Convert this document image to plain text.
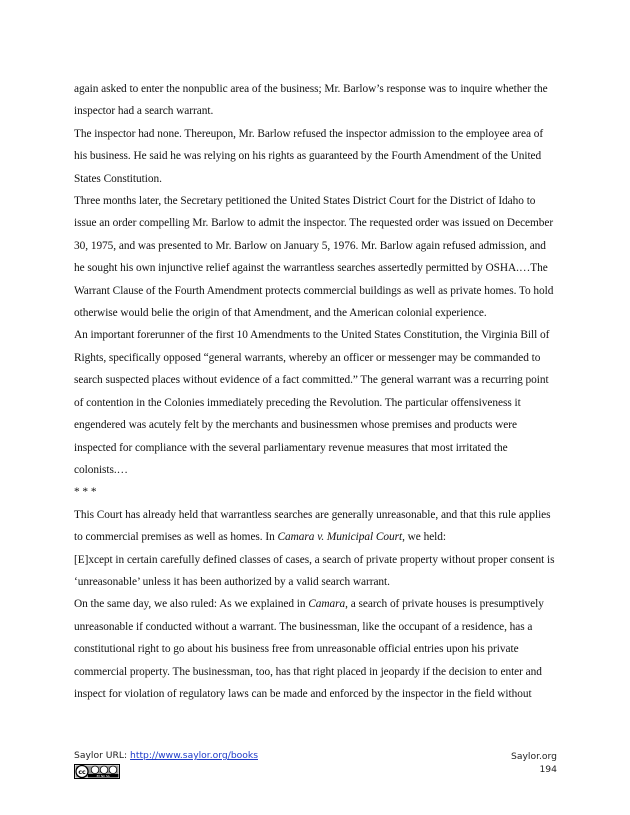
again asked to enter the nonpublic area of the business; Mr. Barlow’s response was to inquire whether the inspector had a search warrant.

The inspector had none. Thereupon, Mr. Barlow refused the inspector admission to the employee area of his business. He said he was relying on his rights as guaranteed by the Fourth Amendment of the United States Constitution.

Three months later, the Secretary petitioned the United States District Court for the District of Idaho to issue an order compelling Mr. Barlow to admit the inspector. The requested order was issued on December 30, 1975, and was presented to Mr. Barlow on January 5, 1976. Mr. Barlow again refused admission, and he sought his own injunctive relief against the warrantless searches assertedly permitted by OSHA.…The Warrant Clause of the Fourth Amendment protects commercial buildings as well as private homes. To hold otherwise would belie the origin of that Amendment, and the American colonial experience.

An important forerunner of the first 10 Amendments to the United States Constitution, the Virginia Bill of Rights, specifically opposed “general warrants, whereby an officer or messenger may be commanded to search suspected places without evidence of a fact committed.” The general warrant was a recurring point of contention in the Colonies immediately preceding the Revolution. The particular offensiveness it engendered was acutely felt by the merchants and businessmen whose premises and products were inspected for compliance with the several parliamentary revenue measures that most irritated the colonists.…

* * *

This Court has already held that warrantless searches are generally unreasonable, and that this rule applies to commercial premises as well as homes. In Camara v. Municipal Court, we held:

[E]xcept in certain carefully defined classes of cases, a search of private property without proper consent is ‘unreasonable’ unless it has been authorized by a valid search warrant.

On the same day, we also ruled: As we explained in Camara, a search of private houses is presumptively unreasonable if conducted without a warrant. The businessman, like the occupant of a residence, has a constitutional right to go about his business free from unreasonable official entries upon his private commercial property. The businessman, too, has that right placed in jeopardy if the decision to enter and inspect for violation of regulatory laws can be made and enforced by the inspector in the field without

Saylor URL: http://www.saylor.org/books
cc
BY NC SA
Saylor.org
194
